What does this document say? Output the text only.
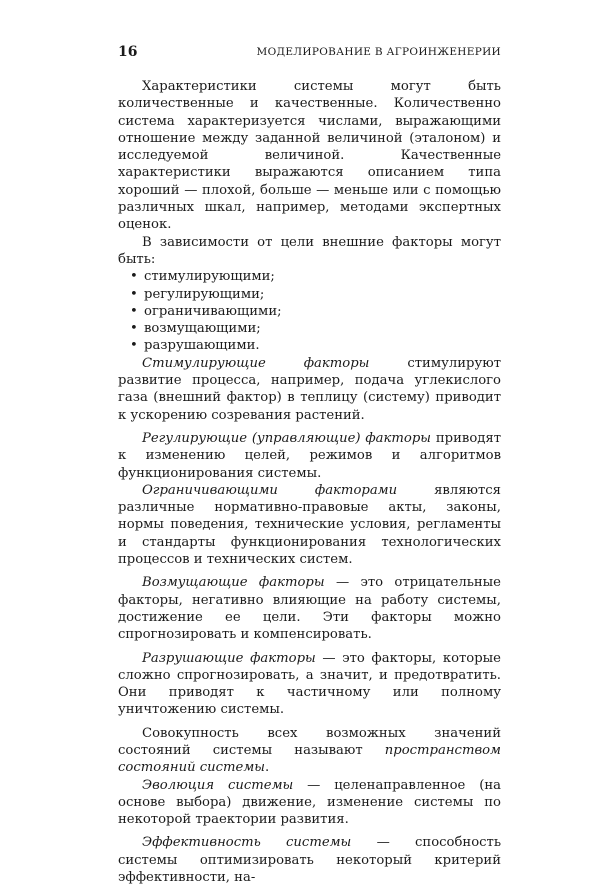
16	МОДЕЛИРОВАНИЕ В АГРОИНЖЕНЕРИИ

Характеристики системы могут быть количественные и качественные. Количественно система характеризуется числами, выражающими отношение между заданной величиной (эталоном) и исследуемой величиной. Качественные характеристики выражаются описанием типа хороший — плохой, больше — меньше или с помощью различных шкал, например, методами экспертных оценок.

В зависимости от цели внешние факторы могут быть:

• стимулирующими;
• регулирующими;
• ограничивающими;
• возмущающими;
• разрушающими.

Стимулирующие факторы стимулируют развитие процесса, например, подача углекислого газа (внешний фактор) в теплицу (систему) приводит к ускорению созревания растений.

Регулирующие (управляющие) факторы приводят к изменению целей, режимов и алгоритмов функционирования системы.

Ограничивающими факторами являются различные нормативно-правовые акты, законы, нормы поведения, технические условия, регламенты и стандарты функционирования технологических процессов и технических систем.

Возмущающие факторы — это отрицательные факторы, негативно влияющие на работу системы, достижение ее цели. Эти факторы можно спрогнозировать и компенсировать.

Разрушающие факторы — это факторы, которые сложно спрогнозировать, а значит, и предотвратить. Они приводят к частичному или полному уничтожению системы.

Совокупность всех возможных значений состояний системы называют пространством состояний системы.

Эволюция системы — целенаправленное (на основе выбора) движение, изменение системы по некоторой траектории развития.

Эффективность системы — способность системы оптимизировать некоторый критерий эффективности, на-
